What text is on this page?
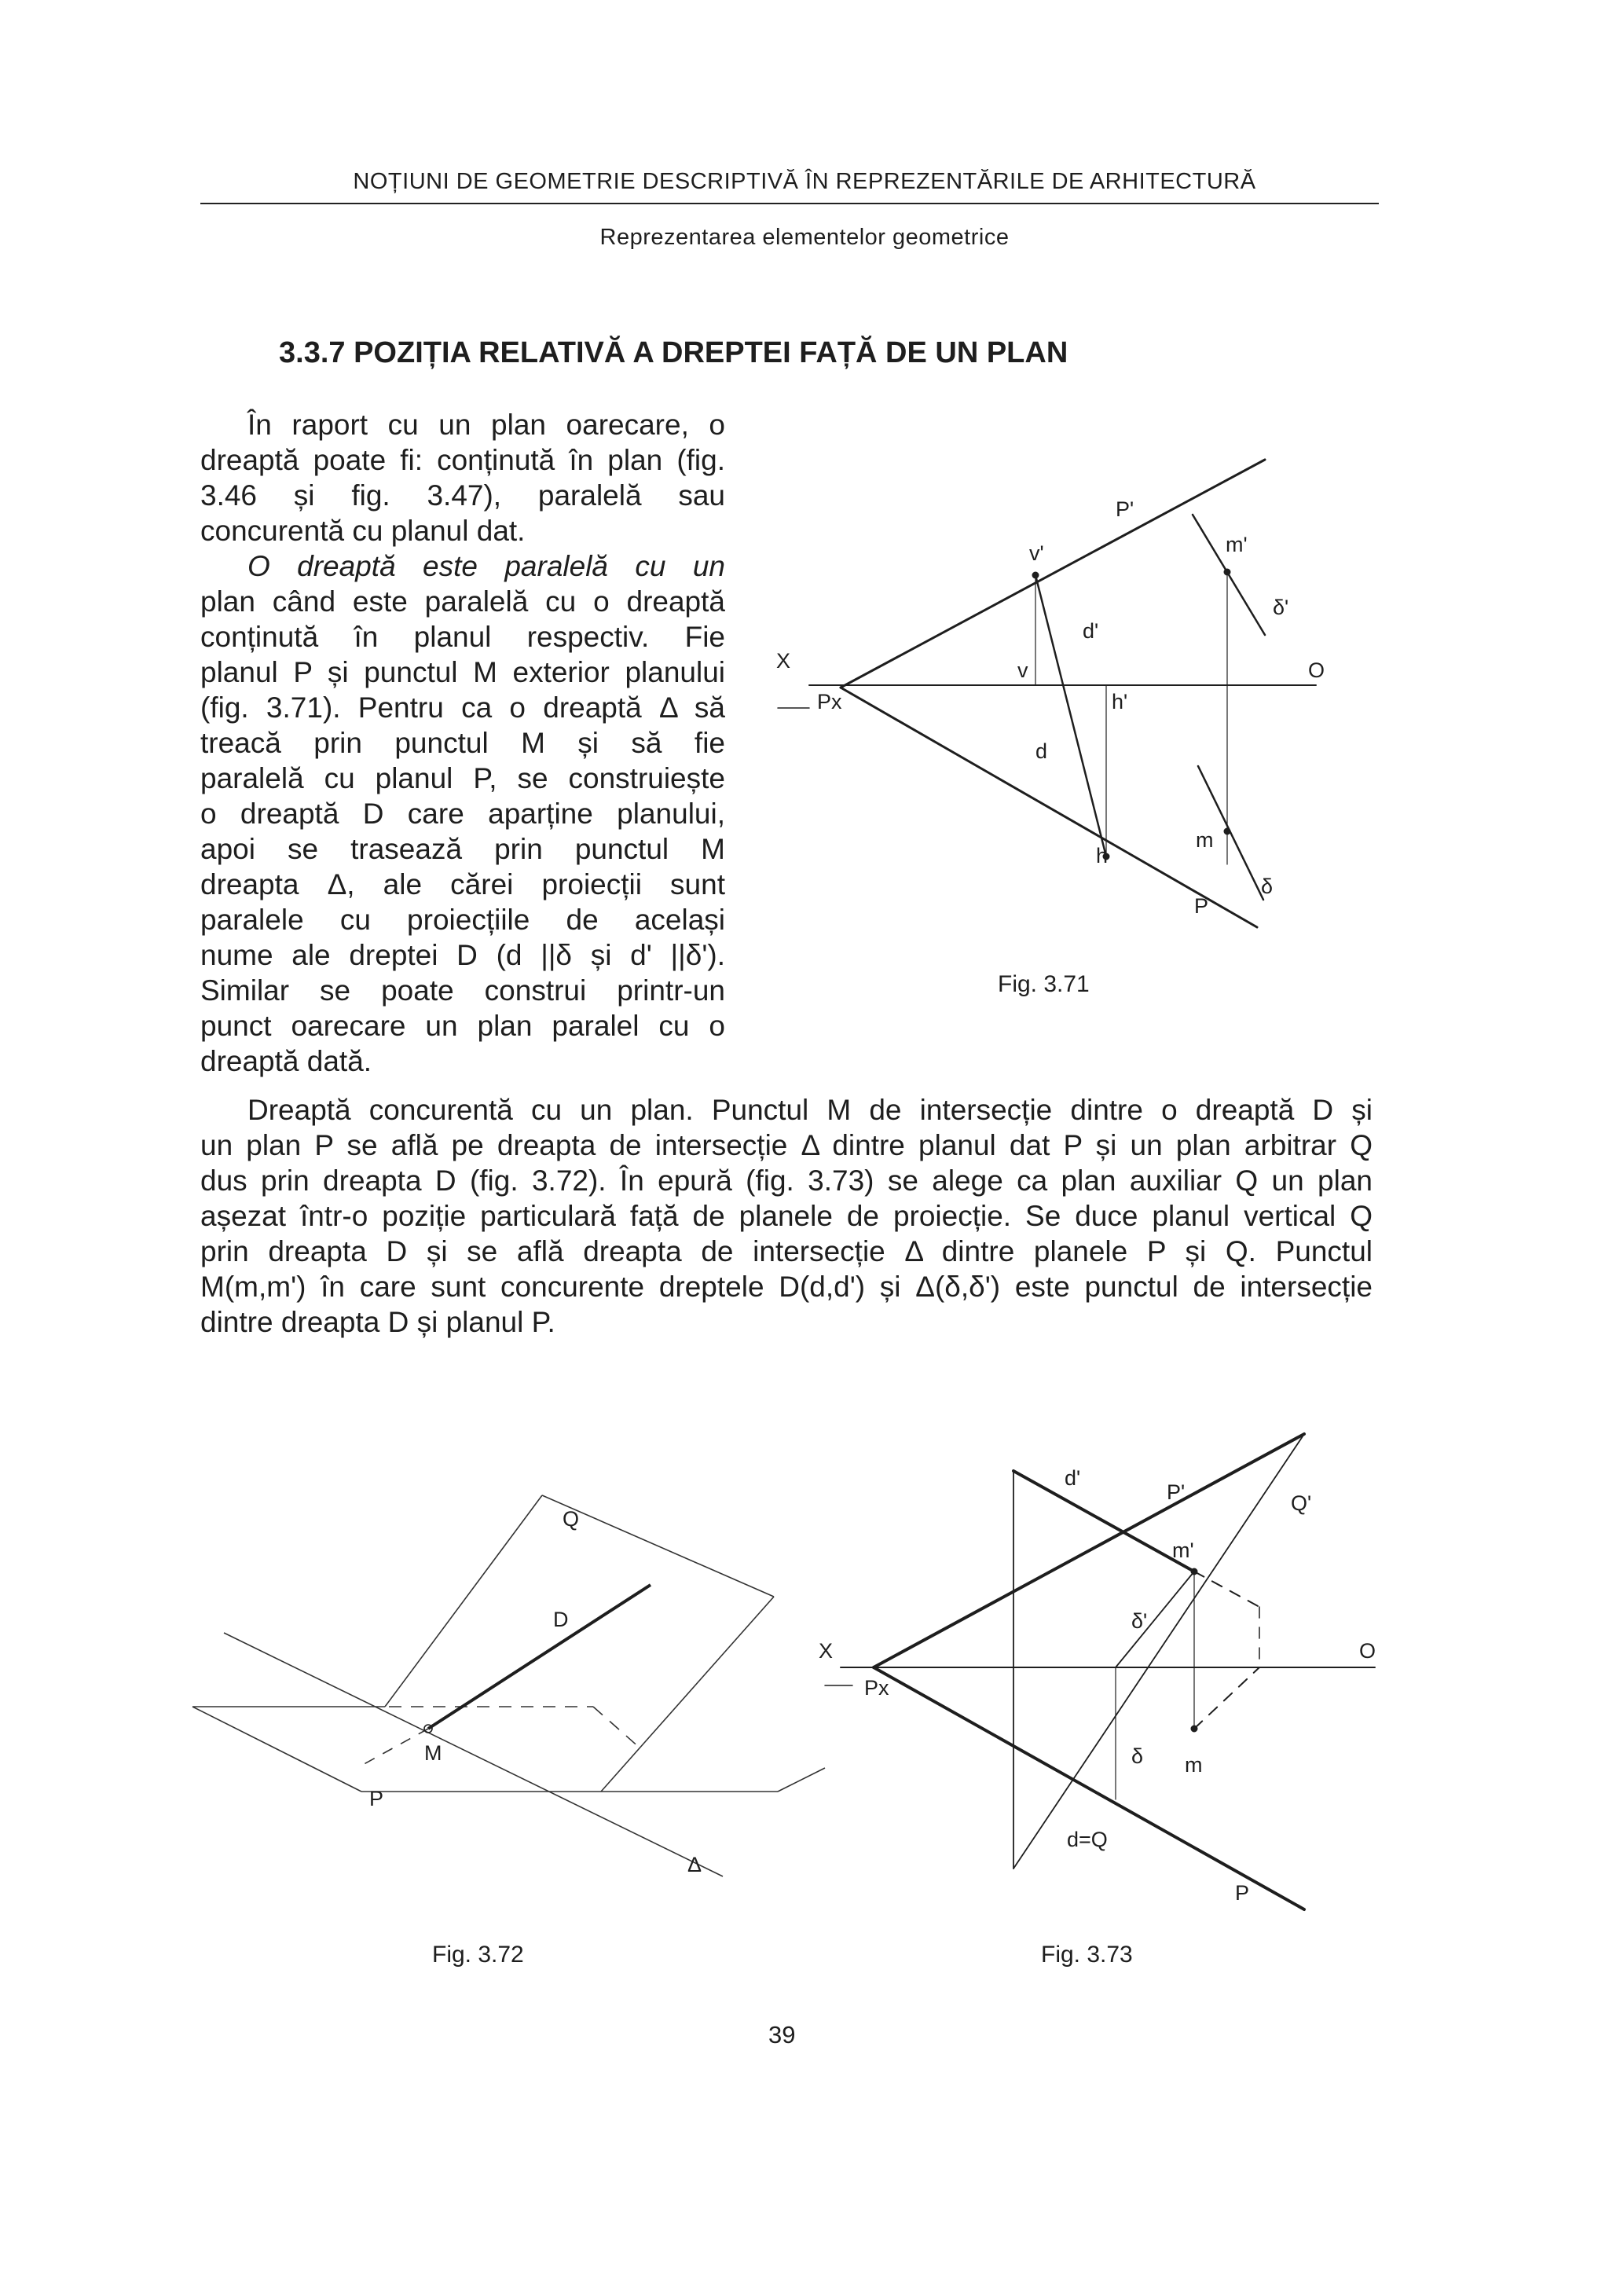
NOȚIUNI DE GEOMETRIE DESCRIPTIVĂ ÎN REPREZENTĂRILE DE ARHITECTURĂ
Reprezentarea elementelor geometrice
3.3.7 POZIȚIA RELATIVĂ A DREPTEI FAȚĂ DE UN PLAN
În raport cu un plan oarecare, o
dreaptă poate fi: conținută în plan (fig.
3.46 și fig. 3.47), paralelă sau
concurentă cu planul dat.
O dreaptă este paralelă cu un
plan când este paralelă cu o dreaptă
conținută în planul respectiv. Fie
planul P și punctul M exterior planului
(fig. 3.71). Pentru ca o dreaptă Δ să
treacă prin punctul M și să fie
paralelă cu planul P, se construiește
o dreaptă D care aparține planului,
apoi se trasează prin punctul M
dreapta Δ, ale cărei proiecții sunt
paralele cu proiecțiile de același
nume ale dreptei D (d ||δ și d' ||δ').
Similar se poate construi printr-un
punct oarecare un plan paralel cu o
dreaptă dată.
Dreaptă concurentă cu un plan. Punctul M de intersecție dintre o dreaptă D și
un plan P se află pe dreapta de intersecție Δ dintre planul dat P și un plan arbitrar Q
dus prin dreapta D (fig. 3.72). În epură (fig. 3.73) se alege ca plan auxiliar Q un plan
așezat într-o poziție particulară față de planele de proiecție. Se duce planul vertical Q
prin dreapta D și se află dreapta de intersecție Δ dintre planele P și Q. Punctul
M(m,m') în care sunt concurente dreptele D(d,d') și Δ(δ,δ') este punctul de intersecție
dintre dreapta D și planul P.
X	O
Px
P'
P
v'
v
d'
d
h'
h
m'
m
δ'
δ
Fig. 3.71
Q
D
M
P
Δ
Fig. 3.72
d'
P'	Q'
m'
δ'
X	O
Px
δ m
d=Q
P
Fig. 3.73
39
